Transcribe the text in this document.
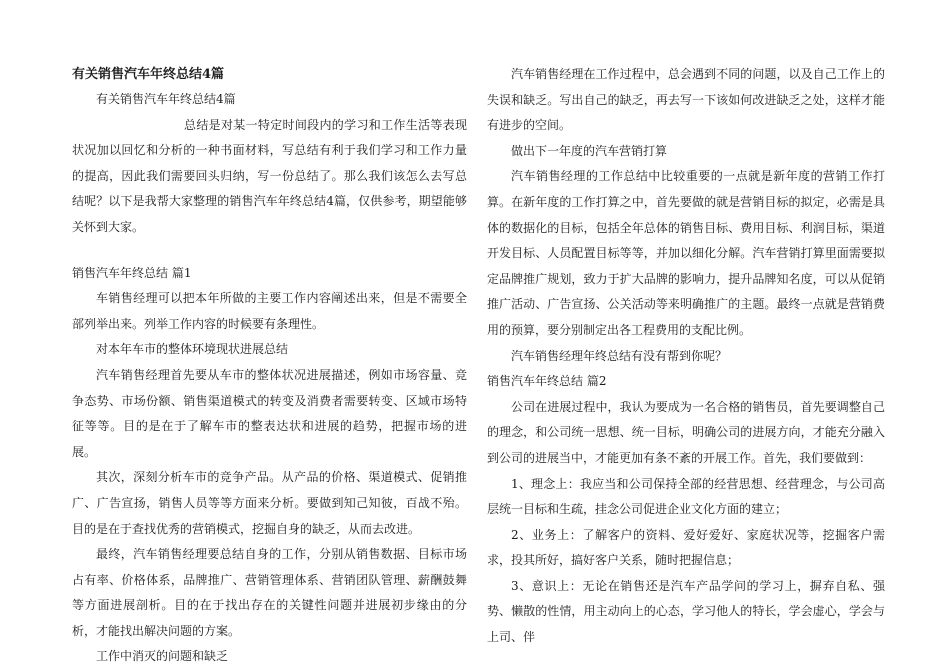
有关销售汽车年终总结4篇

有关销售汽车年终总结4篇

总结是对某一特定时间段内的学习和工作生活等表现状况加以回忆和分析的一种书面材料，写总结有利于我们学习和工作力量的提高，因此我们需要回头归纳，写一份总结了。那么我们该怎么去写总结呢？以下是我帮大家整理的销售汽车年终总结4篇，仅供参考，期望能够关怀到大家。

销售汽车年终总结 篇1

车销售经理可以把本年所做的主要工作内容阐述出来，但是不需要全部列举出来。列举工作内容的时候要有条理性。

对本年车市的整体环境现状进展总结

汽车销售经理首先要从车市的整体状况进展描述，例如市场容量、竞争态势、市场份额、销售渠道模式的转变及消费者需要转变、区域市场特征等等。目的是在于了解车市的整表达状和进展的趋势，把握市场的进展。

其次，深刻分析车市的竞争产品。从产品的价格、渠道模式、促销推广、广告宣扬，销售人员等等方面来分析。要做到知己知彼，百战不殆。目的是在于查找优秀的营销模式，挖掘自身的缺乏，从而去改进。

最终，汽车销售经理要总结自身的工作，分别从销售数据、目标市场占有率、价格体系，品牌推广、营销管理体系、营销团队管理、薪酬鼓舞等方面进展剖析。目的在于找出存在的关键性问题并进展初步缘由的分析，才能找出解决问题的方案。

工作中消灭的问题和缺乏

汽车销售经理在工作过程中，总会遇到不同的问题，以及自己工作上的失误和缺乏。写出自己的缺乏，再去写一下该如何改进缺乏之处，这样才能有进步的空间。

做出下一年度的汽车营销打算

汽车销售经理的工作总结中比较重要的一点就是新年度的营销工作打算。在新年度的工作打算之中，首先要做的就是营销目标的拟定，必需是具体的数据化的目标，包括全年总体的销售目标、费用目标、利润目标，渠道开发目标、人员配置目标等等，并加以细化分解。汽车营销打算里面需要拟定品牌推广规划，致力于扩大品牌的影响力，提升品牌知名度，可以从促销推广活动、广告宣扬、公关活动等来明确推广的主题。最终一点就是营销费用的预算，要分别制定出各工程费用的支配比例。

汽车销售经理年终总结有没有帮到你呢？

销售汽车年终总结 篇2

公司在进展过程中，我认为要成为一名合格的销售员，首先要调整自己的理念，和公司统一思想、统一目标，明确公司的进展方向，才能充分融入到公司的进展当中，才能更加有条不紊的开展工作。首先，我们要做到：

1、理念上：我应当和公司保持全部的经营思想、经营理念，与公司高层统一目标和生疏，挂念公司促进企业文化方面的建立；

2、业务上：了解客户的资料、爱好爱好、家庭状况等，挖掘客户需求，投其所好，搞好客户关系，随时把握信息；

3、意识上：无论在销售还是汽车产品学问的学习上，摒弃自私、强势、懒散的性情，用主动向上的心态，学习他人的特长，学会虚心，学会与上司、伴
